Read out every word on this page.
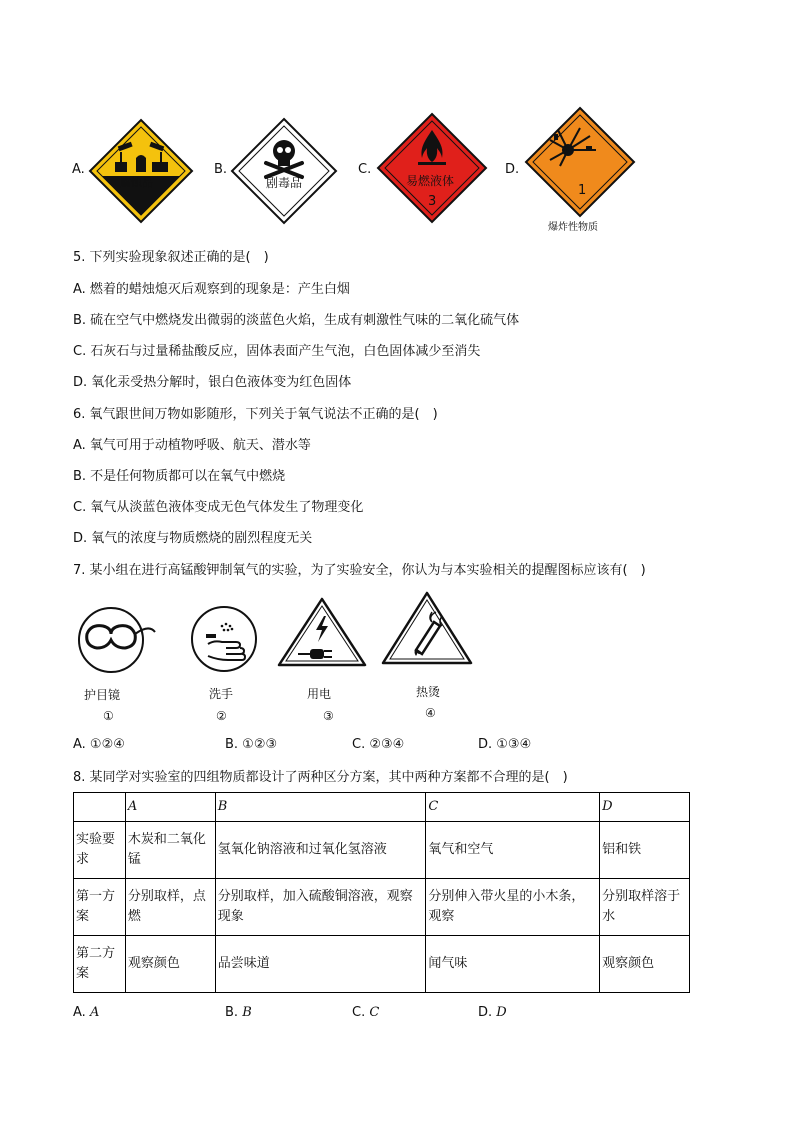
A.
腐蚀品
B.
剧毒品
C.
易燃液体
3
D.
1
爆炸性物质
5. 下列实验现象叙述正确的是(　)
A. 燃着的蜡烛熄灭后观察到的现象是：产生白烟
B. 硫在空气中燃烧发出微弱的淡蓝色火焰，生成有刺激性气味的二氧化硫气体
C. 石灰石与过量稀盐酸反应，固体表面产生气泡，白色固体减少至消失
D. 氧化汞受热分解时，银白色液体变为红色固体
6. 氧气跟世间万物如影随形，下列关于氧气说法不正确的是(　)
A. 氧气可用于动植物呼吸、航天、潜水等
B. 不是任何物质都可以在氧气中燃烧
C. 氧气从淡蓝色液体变成无色气体发生了物理变化
D. 氧气的浓度与物质燃烧的剧烈程度无关
7. 某小组在进行高锰酸钾制氧气的实验，为了实验安全，你认为与本实验相关的提醒图标应该有(　)
护目镜
①
洗手
②
用电
③
热烫
④
A. ①②④	B. ①②③	C. ②③④	D. ①③④
8. 某同学对实验室的四组物质都设计了两种区分方案，其中两种方案都不合理的是(　)
	A	B	C	D
实验要求	木炭和二氧化锰	氢氧化钠溶液和过氧化氢溶液	氧气和空气	铝和铁
第一方案	分别取样，点燃	分别取样，加入硫酸铜溶液，观察现象	分别伸入带火星的小木条，观察	分别取样溶于水
第二方案	观察颜色	品尝味道	闻气味	观察颜色
A. A	B. B	C. C	D. D
